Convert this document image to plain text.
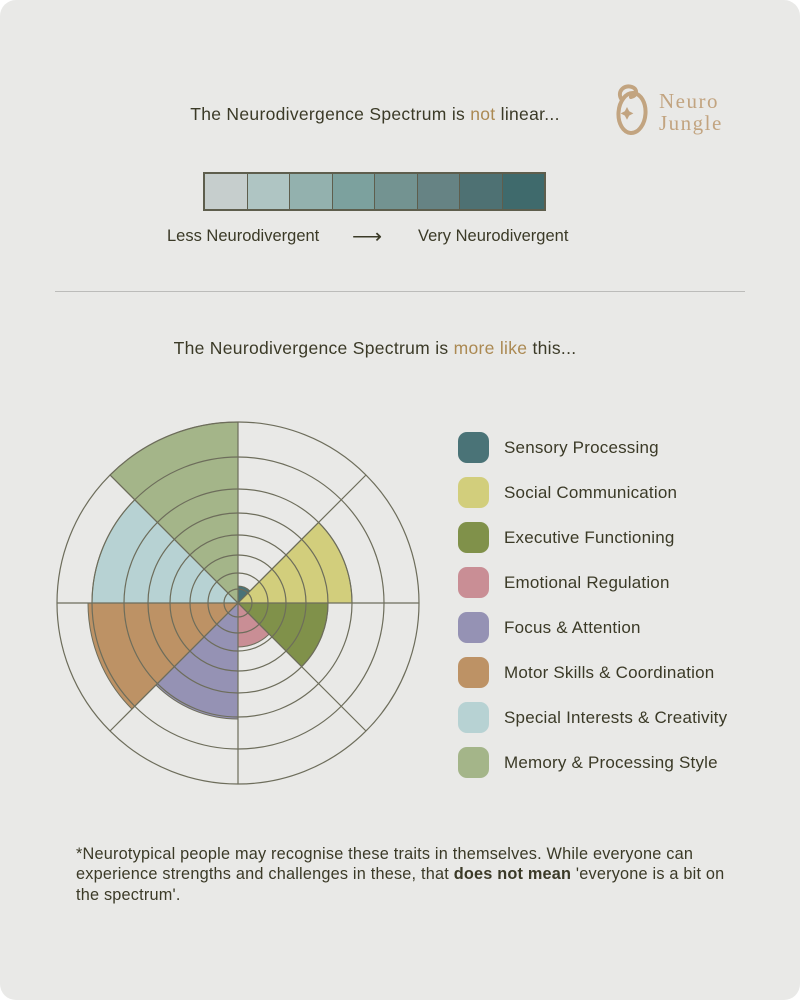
The Neurodivergence Spectrum is not linear...
Neuro
Jungle
Less Neurodivergent ⟶ Very Neurodivergent
The Neurodivergence Spectrum is more like this...
Sensory Processing
Social Communication
Executive Functioning
Emotional Regulation
Focus & Attention
Motor Skills & Coordination
Special Interests & Creativity
Memory & Processing Style
*Neurotypical people may recognise these traits in themselves. While everyone can experience strengths and challenges in these, that does not mean 'everyone is a bit on the spectrum'.
